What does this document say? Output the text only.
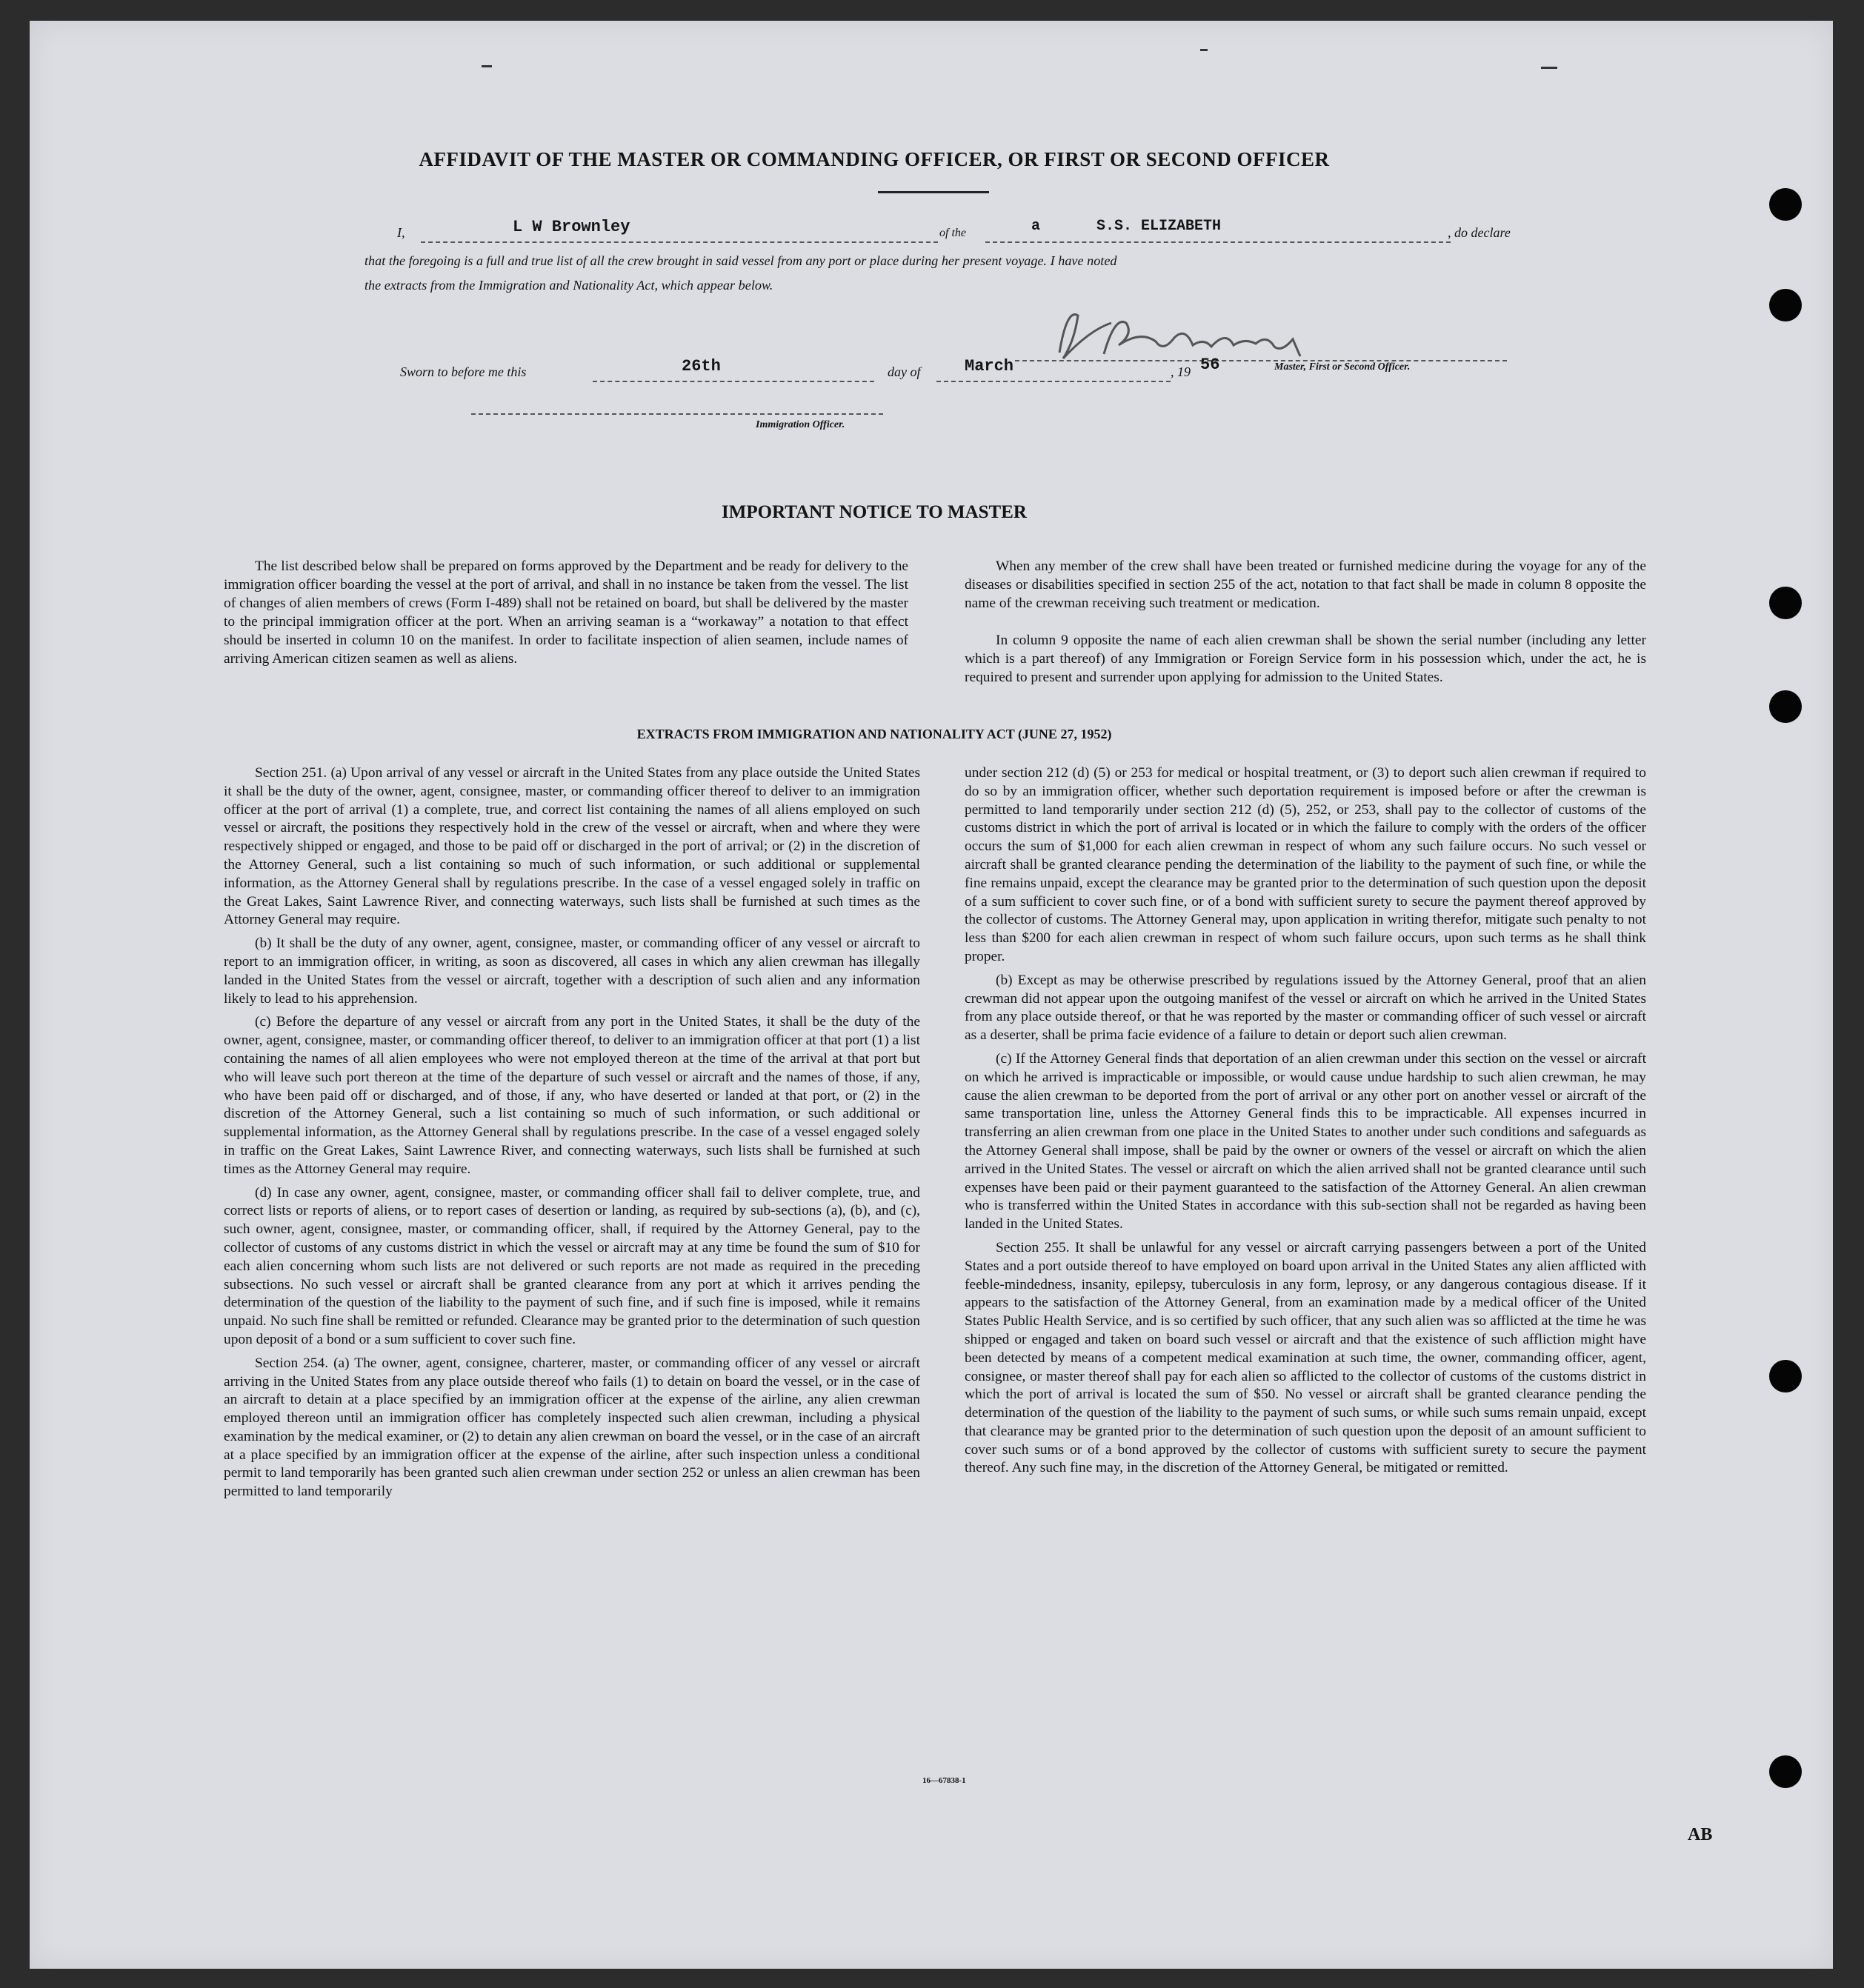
AFFIDAVIT OF THE MASTER OR COMMANDING OFFICER, OR FIRST OR SECOND OFFICER
I,	L W Brownley	of the	a	S.S. ELIZABETH	, do declare
that the foregoing is a full and true list of all the crew brought in said vessel from any port or place during her present voyage. I have noted
the extracts from the Immigration and Nationality Act, which appear below.
Master, First or Second Officer.
Sworn to before me this	26th	day of	March	, 19 56
Immigration Officer.
IMPORTANT NOTICE TO MASTER
The list described below shall be prepared on forms approved by the Department and be ready for delivery to the immigration officer boarding the vessel at the port of arrival, and shall in no instance be taken from the vessel. The list of changes of alien members of crews (Form I-489) shall not be retained on board, but shall be delivered by the master to the principal immigration officer at the port. When an arriving seaman is a “workaway” a notation to that effect should be inserted in column 10 on the manifest. In order to facilitate inspection of alien seamen, include names of arriving American citizen seamen as well as aliens.
When any member of the crew shall have been treated or furnished medicine during the voyage for any of the diseases or disabilities specified in section 255 of the act, notation to that fact shall be made in column 8 opposite the name of the crewman receiving such treatment or medication.
In column 9 opposite the name of each alien crewman shall be shown the serial number (including any letter which is a part thereof) of any Immigration or Foreign Service form in his possession which, under the act, he is required to present and surrender upon applying for admission to the United States.
EXTRACTS FROM IMMIGRATION AND NATIONALITY ACT (JUNE 27, 1952)

Section 251. (a) Upon arrival of any vessel or aircraft in the United States from any place outside the United States it shall be the duty of the owner, agent, consignee, master, or commanding officer thereof to deliver to an immigration officer at the port of arrival (1) a complete, true, and correct list containing the names of all aliens employed on such vessel or aircraft, the positions they respectively hold in the crew of the vessel or aircraft, when and where they were respectively shipped or engaged, and those to be paid off or discharged in the port of arrival; or (2) in the discretion of the Attorney General, such a list containing so much of such information, or such additional or supplemental information, as the Attorney General shall by regulations prescribe. In the case of a vessel engaged solely in traffic on the Great Lakes, Saint Lawrence River, and connecting waterways, such lists shall be furnished at such times as the Attorney General may require.

(b) It shall be the duty of any owner, agent, consignee, master, or commanding officer of any vessel or aircraft to report to an immigration officer, in writing, as soon as discovered, all cases in which any alien crewman has illegally landed in the United States from the vessel or aircraft, together with a description of such alien and any information likely to lead to his apprehension.

(c) Before the departure of any vessel or aircraft from any port in the United States, it shall be the duty of the owner, agent, consignee, master, or commanding officer thereof, to deliver to an immigration officer at that port (1) a list containing the names of all alien employees who were not employed thereon at the time of the arrival at that port but who will leave such port thereon at the time of the departure of such vessel or aircraft and the names of those, if any, who have been paid off or discharged, and of those, if any, who have deserted or landed at that port, or (2) in the discretion of the Attorney General, such a list containing so much of such information, or such additional or supplemental information, as the Attorney General shall by regulations prescribe. In the case of a vessel engaged solely in traffic on the Great Lakes, Saint Lawrence River, and connecting waterways, such lists shall be furnished at such times as the Attorney General may require.

(d) In case any owner, agent, consignee, master, or commanding officer shall fail to deliver complete, true, and correct lists or reports of aliens, or to report cases of desertion or landing, as required by sub-sections (a), (b), and (c), such owner, agent, consignee, master, or commanding officer, shall, if required by the Attorney General, pay to the collector of customs of any customs district in which the vessel or aircraft may at any time be found the sum of $10 for each alien concerning whom such lists are not delivered or such reports are not made as required in the preceding subsections. No such vessel or aircraft shall be granted clearance from any port at which it arrives pending the determination of the question of the liability to the payment of such fine, and if such fine is imposed, while it remains unpaid. No such fine shall be remitted or refunded. Clearance may be granted prior to the determination of such question upon deposit of a bond or a sum sufficient to cover such fine.

Section 254. (a) The owner, agent, consignee, charterer, master, or commanding officer of any vessel or aircraft arriving in the United States from any place outside thereof who fails (1) to detain on board the vessel, or in the case of an aircraft to detain at a place specified by an immigration officer at the expense of the airline, any alien crewman employed thereon until an immigration officer has completely inspected such alien crewman, including a physical examination by the medical examiner, or (2) to detain any alien crewman on board the vessel, or in the case of an aircraft at a place specified by an immigration officer at the expense of the airline, after such inspection unless a conditional permit to land temporarily has been granted such alien crewman under section 252 or unless an alien crewman has been permitted to land temporarily

under section 212 (d) (5) or 253 for medical or hospital treatment, or (3) to deport such alien crewman if required to do so by an immigration officer, whether such deportation requirement is imposed before or after the crewman is permitted to land temporarily under section 212 (d) (5), 252, or 253, shall pay to the collector of customs of the customs district in which the port of arrival is located or in which the failure to comply with the orders of the officer occurs the sum of $1,000 for each alien crewman in respect of whom any such failure occurs. No such vessel or aircraft shall be granted clearance pending the determination of the liability to the payment of such fine, or while the fine remains unpaid, except the clearance may be granted prior to the determination of such question upon the deposit of a sum sufficient to cover such fine, or of a bond with sufficient surety to secure the payment thereof approved by the collector of customs. The Attorney General may, upon application in writing therefor, mitigate such penalty to not less than $200 for each alien crewman in respect of whom such failure occurs, upon such terms as he shall think proper.

(b) Except as may be otherwise prescribed by regulations issued by the Attorney General, proof that an alien crewman did not appear upon the outgoing manifest of the vessel or aircraft on which he arrived in the United States from any place outside thereof, or that he was reported by the master or commanding officer of such vessel or aircraft as a deserter, shall be prima facie evidence of a failure to detain or deport such alien crewman.

(c) If the Attorney General finds that deportation of an alien crewman under this section on the vessel or aircraft on which he arrived is impracticable or impossible, or would cause undue hardship to such alien crewman, he may cause the alien crewman to be deported from the port of arrival or any other port on another vessel or aircraft of the same transportation line, unless the Attorney General finds this to be impracticable. All expenses incurred in transferring an alien crewman from one place in the United States to another under such conditions and safeguards as the Attorney General shall impose, shall be paid by the owner or owners of the vessel or aircraft on which the alien arrived in the United States. The vessel or aircraft on which the alien arrived shall not be granted clearance until such expenses have been paid or their payment guaranteed to the satisfaction of the Attorney General. An alien crewman who is transferred within the United States in accordance with this sub-section shall not be regarded as having been landed in the United States.

Section 255. It shall be unlawful for any vessel or aircraft carrying passengers between a port of the United States and a port outside thereof to have employed on board upon arrival in the United States any alien afflicted with feeble-mindedness, insanity, epilepsy, tuberculosis in any form, leprosy, or any dangerous contagious disease. If it appears to the satisfaction of the Attorney General, from an examination made by a medical officer of the United States Public Health Service, and is so certified by such officer, that any such alien was so afflicted at the time he was shipped or engaged and taken on board such vessel or aircraft and that the existence of such affliction might have been detected by means of a competent medical examination at such time, the owner, commanding officer, agent, consignee, or master thereof shall pay for each alien so afflicted to the collector of customs of the customs district in which the port of arrival is located the sum of $50. No vessel or aircraft shall be granted clearance pending the determination of the question of the liability to the payment of such sums, or while such sums remain unpaid, except that clearance may be granted prior to the determination of such question upon the deposit of an amount sufficient to cover such sums or of a bond approved by the collector of customs with sufficient surety to secure the payment thereof. Any such fine may, in the discretion of the Attorney General, be mitigated or remitted.

16—67838-1
AB
